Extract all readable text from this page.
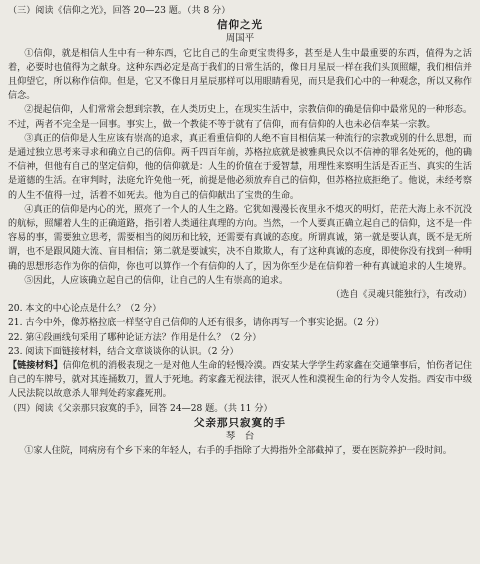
（三）阅读《信仰之光》，回答 20—23 题。（共 8 分）

信仰之光

周国平

①信仰，就是相信人生中有一种东西，它比自己的生命更宝贵得多，甚至是人生中最重要的东西，值得为之活着，必要时也值得为之献身。这种东西必定是高于我们的日常生活的，像日月星辰一样在我们头顶照耀，我们相信并且仰望它，所以称作信仰。但是，它又不像日月星辰那样可以用眼睛看见，而只是我们心中的一种观念，所以又称作信念。

②提起信仰，人们常常会想到宗教，在人类历史上，在现实生活中，宗教信仰的确是信仰中最常见的一种形态。不过，两者不完全是一回事。事实上，做一个教徒不等于就有了信仰，而有信仰的人也未必信奉某一宗教。

③真正的信仰是人生应该有崇高的追求，真正看重信仰的人绝不盲目相信某一种流行的宗教或别的什么思想，而是通过独立思考来寻求和确立自己的信仰。两千四百年前，苏格拉底就是被雅典民众以不信神的罪名处死的，他的确不信神，但他有自己的坚定信仰，他的信仰就是：人生的价值在于爱智慧，用理性来察明生活是否正当、真实的生活是道德的生活。在审判时，法庭允许免他一死，前提是他必须放弃自己的信仰，但苏格拉底拒绝了。他说，未经考察的人生不值得一过，活着不如死去。他为自己的信仰献出了宝贵的生命。

④真正的信仰是内心的光，照亮了一个人的人生之路。它犹如漫漫长夜里永不熄灭的明灯，茫茫大海上永不沉没的航标，照耀着人生的正确道路，指引着人类通往真理的方向。当然，一个人要真正确立起自己的信仰，这不是一件容易的事，需要独立思考，需要相当的阅历和比较，还需要有真诚的态度。所谓真诚，第一就是要认真，既不是无所谓，也不是跟风随大流、盲目相信；第二就是要诚实，决不自欺欺人，有了这种真诚的态度，即使你没有找到一种明确的思想形态作为你的信仰，你也可以算作一个有信仰的人了，因为你至少是在信仰着一种有真诚追求的人生境界。

⑤因此，人应该确立起自己的信仰，让自己的人生有崇高的追求。

（选自《灵魂只能独行》，有改动）

20. 本文的中心论点是什么？（2 分）

21. 古今中外，像苏格拉底一样坚守自己信仰的人还有很多，请你再写一个事实论据。（2 分）

22. 第④段画线句采用了哪种论证方法？作用是什么？（2 分）

23. 阅读下面链接材料，结合文章谈谈你的认识。（2 分）

【链接材料】信仰危机的消极表现之一是对他人生命的轻慢冷漠。西安某大学学生药家鑫在交通肇事后，怕伤者记住自己的车牌号，就对其连捅数刀，置人于死地。药家鑫无视法律，泯灭人性和漠视生命的行为令人发指。西安市中级人民法院以故意杀人罪判处药家鑫死刑。

（四）阅读《父亲那只寂寞的手》，回答 24—28 题。（共 11 分）

父亲那只寂寞的手

琴　台

①家人住院，同病房有个乡下来的年轻人，右手的手指除了大拇指外全部截掉了，要在医院养护一段时间。
